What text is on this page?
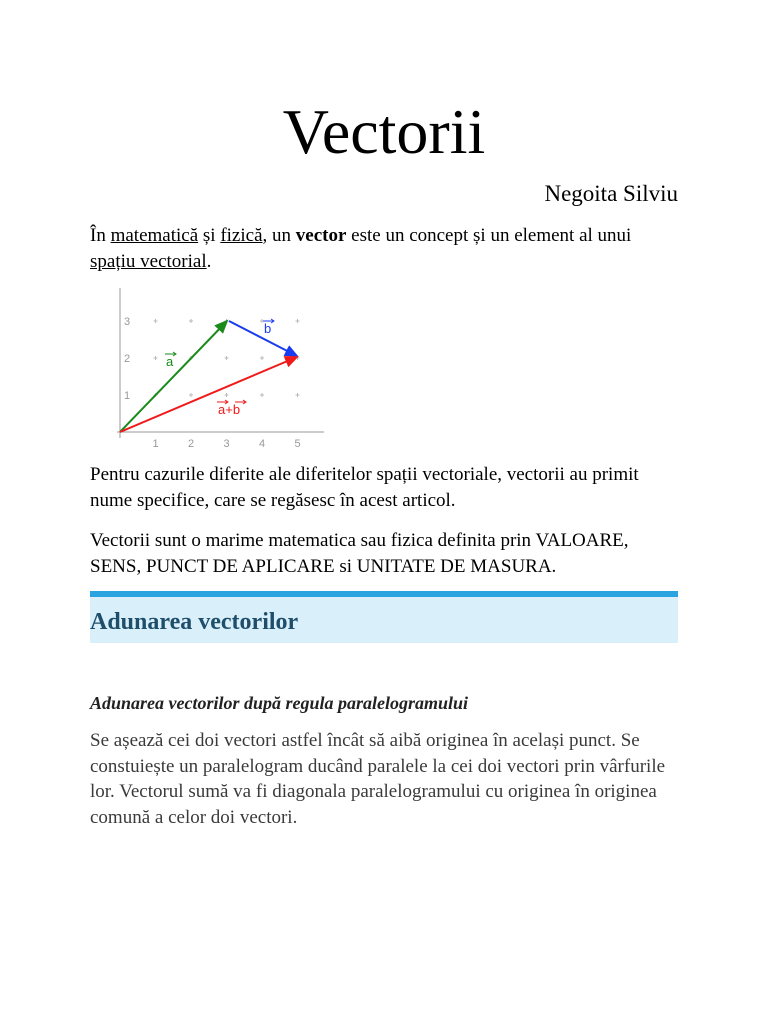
Vectorii

Negoita Silviu

În matematică și fizică, un vector este un concept și un element al unui spațiu vectorial.

1	2	3	4	5
1
2
3
a
b
a+b

Pentru cazurile diferite ale diferitelor spații vectoriale, vectorii au primit nume specifice, care se regăsesc în acest articol.

Vectorii sunt o marime matematica sau fizica definita prin VALOARE, SENS, PUNCT DE APLICARE si UNITATE DE MASURA.

Adunarea vectorilor
Adunarea vectorilor după regula paralelogramului

Se așează cei doi vectori astfel încât să aibă originea în același punct. Se constuiește un paralelogram ducând paralele la cei doi vectori prin vârfurile lor. Vectorul sumă va fi diagonala paralelogramului cu originea în originea comună a celor doi vectori.
